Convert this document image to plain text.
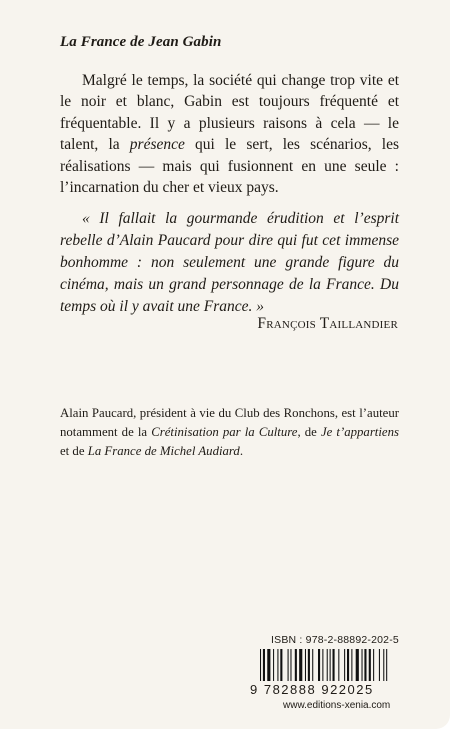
La France de Jean Gabin

Malgré le temps, la société qui change trop vite et le noir et blanc, Gabin est toujours fréquenté et fréquentable. Il y a plusieurs raisons à cela — le talent, la présence qui le sert, les scénarios, les réalisations — mais qui fusionnent en une seule : l’incarnation du cher et vieux pays.

« Il fallait la gourmande érudition et l’esprit rebelle d’Alain Paucard pour dire qui fut cet immense bonhomme : non seulement une grande figure du cinéma, mais un grand personnage de la France. Du temps où il y avait une France. »

François Taillandier

Alain Paucard, président à vie du Club des Ronchons, est l’auteur notamment de la Crétinisation par la Culture, de Je t’appartiens et de La France de Michel Audiard.

ISBN : 978-2-88892-202-5
9 782888 922025
www.editions-xenia.com
